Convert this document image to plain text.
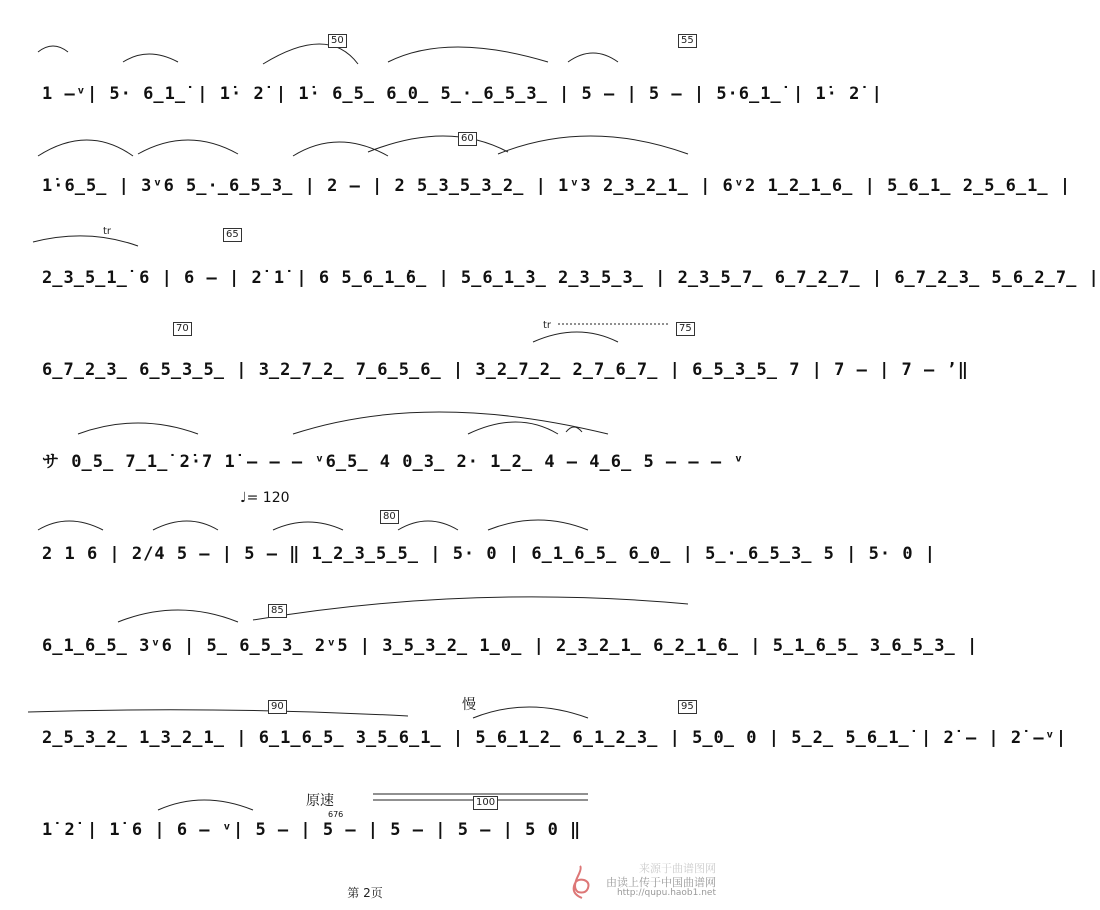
50	55
1 –ᵛ| 5· 6̲1̲̇ | 1̇· 2̇ | 1̇· 6̲5̲ 6̲0̲ 5̲·̲6̲5̲3̲ | 5 – | 5 – | 5·6̲1̲̇ | 1̇· 2̇ |
60
1̇·6̲5̲ | 3ᵛ6 5̲·̲6̲5̲3̲ | 2 – | 2 5̲3̲5̲3̲2̲ | 1ᵛ3 2̲3̲2̲1̲ | 6ᵛ2 1̲2̲1̲6̲ | 5̲6̲1̲ 2̲5̲6̲1̲ |
tr	65
2̲3̲5̲1̲̇ 6 | 6 – | 2̇ 1̇ | 6 5̲6̲1̲̇6̲ | 5̲6̲1̲̇3̲ 2̲3̲5̲3̲ | 2̲3̲5̲7̲ 6̲7̲2̲7̲ | 6̲7̲2̲3̲ 5̲6̲2̲7̲ |
tr
70	75
6̲7̲2̲3̲ 6̲5̲3̲5̲ | 3̲2̲7̲2̲ 7̲6̲5̲6̲ | 3̲2̲7̲2̲ 2̲7̲6̲7̲ | 6̲5̲3̲5̲ 7 | 7 – | 7 – ’‖
サ 0̲5̲ 7̲1̲̇ 2̇·7 1̇ – – – ᵛ6̲5̲ 4 0̲3̲ 2· 1̲2̲ 4 – 4̲6̲ 5 – – – ᵛ
♩= 120
80
2 1 6 | 2/4 5 – | 5 – ‖ 1̲2̲3̲5̲5̲ | 5· 0 | 6̲1̲̇6̲5̲ 6̲0̲ | 5̲·̲6̲5̲3̲ 5 | 5· 0 |
85
6̲1̲̇6̲5̲ 3ᵛ6 | 5̲ 6̲5̲3̲ 2ᵛ5 | 3̲5̲3̲2̲ 1̲0̲ | 2̲3̲2̲1̲ 6̲2̲1̲̇6̲ | 5̲1̲̇6̲5̲ 3̲6̲5̲3̲ |
慢
90	95
2̲5̲3̲2̲ 1̲3̲2̲1̲ | 6̲1̲6̲5̲ 3̲5̲6̲1̲ | 5̲6̲1̲2̲ 6̲1̲2̲3̲ | 5̲0̲ 0 | 5̲2̲ 5̲6̲1̲̇ | 2̇ – | 2̇ –ᵛ|
原速	100
676
1̇ 2̇ | 1̇ 6 | 6 – ᵛ| 5 – | 5 – | 5 – | 5 – | 5 0 ‖
第 2页
来源于曲谱图网
由读上传于中国曲谱网
http://qupu.haob1.net
